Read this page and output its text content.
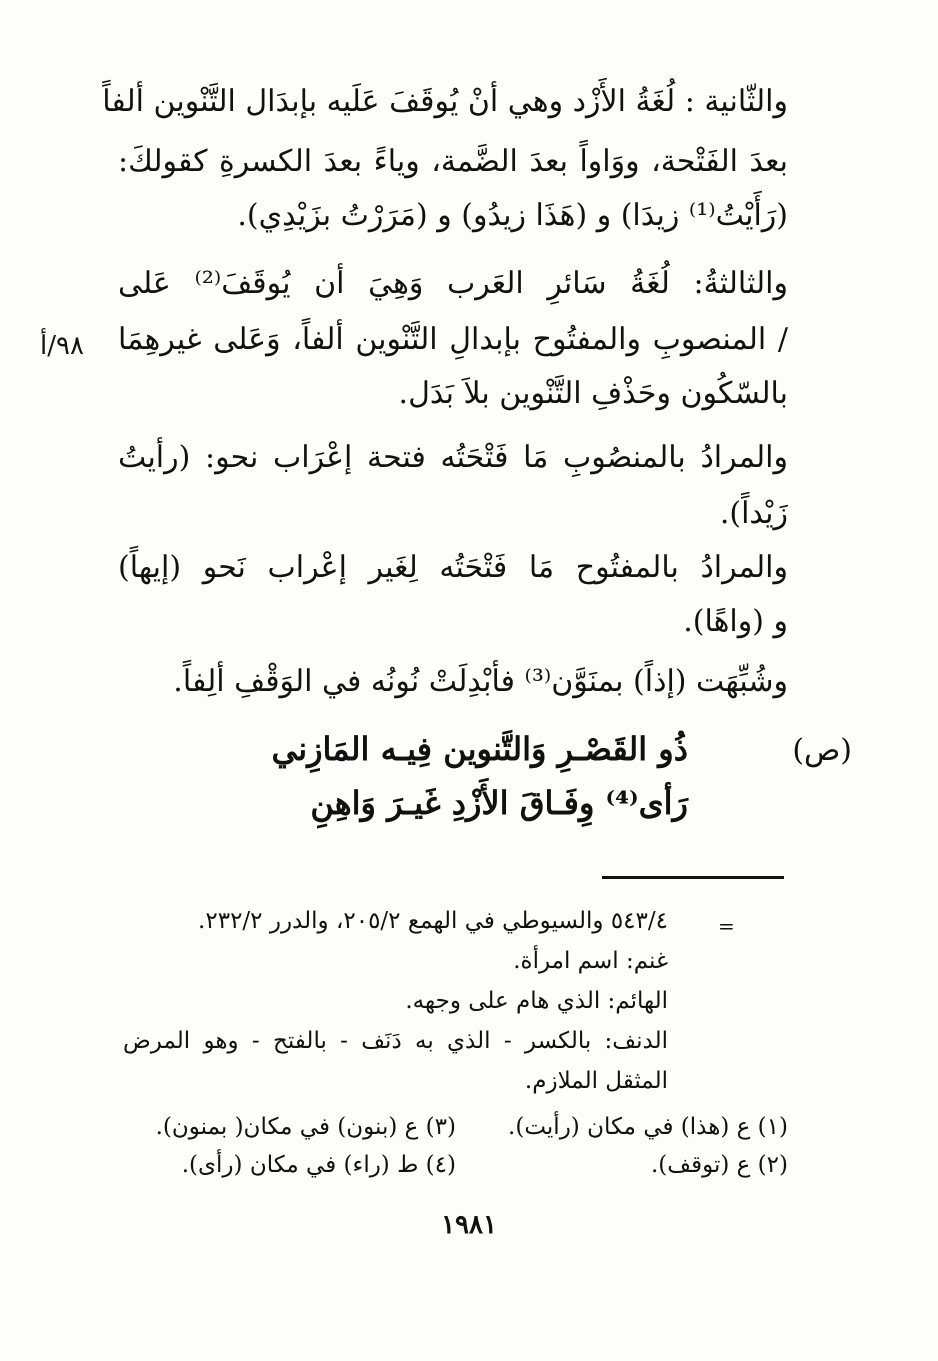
والثّانية : لُغَةُ الأَزْد وهي أنْ يُوقَفَ عَلَيه بإبدَال التَّنْوين ألفاً
بعدَ الفَتْحة، ووَاواً بعدَ الضَّمة، وياءً بعدَ الكسرةِ كقولكَ:
(رَأَيْتُ⁽¹⁾ زيدَا) و (هَذَا زيدُو) و (مَرَرْتُ بزَيْدِي).
والثالثةُ: لُغَةُ سَائرِ العَرب وَهِيَ أن يُوقَفَ⁽²⁾ عَلى
/ المنصوبِ والمفتُوح بإبدالِ التَّنْوين ألفاً، وَعَلى غيرهِمَا
بالسّكُون وحَذْفِ التَّنْوين بلاَ بَدَل.
٩٨/أ
والمرادُ بالمنصُوبِ مَا فَتْحَتُه فتحة إعْرَاب نحو: (رأيتُ
زَيْداً).
والمرادُ بالمفتُوح مَا فَتْحَتُه لِغَير إعْراب نَحو (إيهاً)
و (واهًا).
وشُبِّهَت (إذاً) بمنَوَّن⁽³⁾ فأبْدِلَتْ نُونُه في الوَقْفِ ألِفاً.
(ص)
ذُو القَصْـرِ وَالتَّنوين فِيـه المَازِني
رَأى⁽⁴⁾ وِفَـاقَ الأَزْدِ غَيـرَ وَاهِنِ
=
٥٤٣/٤ والسيوطي في الهمع ٢٠٥/٢، والدرر ٢٣٢/٢.
غنم: اسم امرأة.
الهائم: الذي هام على وجهه.
الدنف: بالكسر - الذي به دَنَف - بالفتح - وهو المرض
المثقل الملازم.
(١) ع (هذا) في مكان (رأيت).
(٣) ع (بنون) في مكان( بمنون).
(٢) ع (توقف).
(٤) ط (راء) في مكان (رأى).
١٩٨١
